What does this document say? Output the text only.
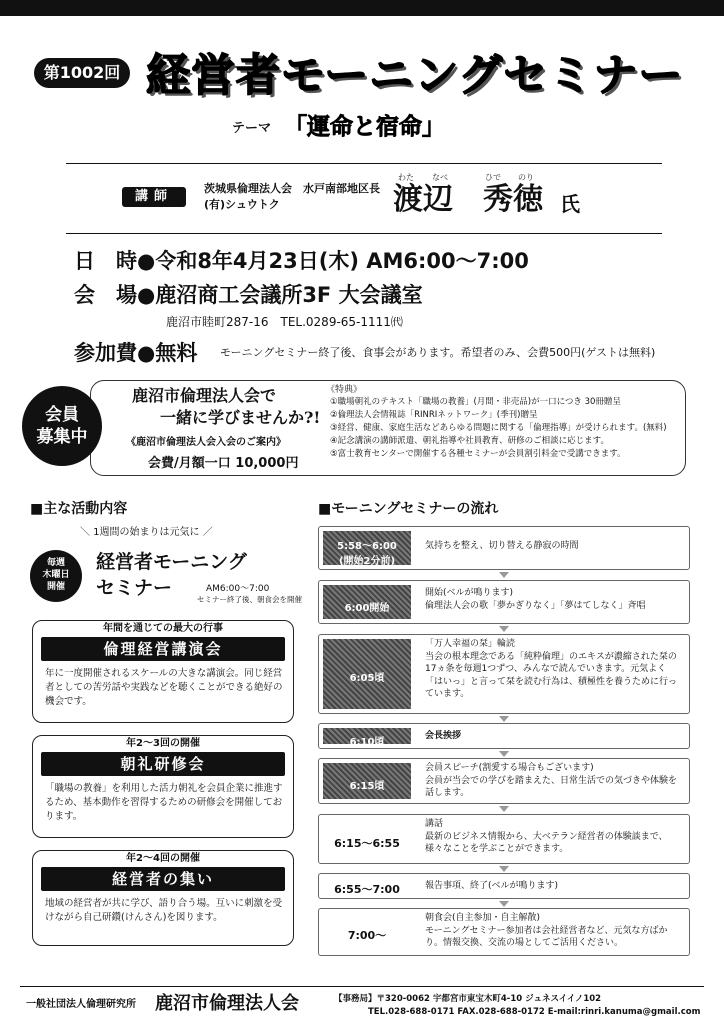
第1002回 経営者モーニングセミナー
テーマ 「運命と宿命」
講師
茨城県倫理法人会　水戸南部地区長
(有)シュウトク
わた なべ	ひで のり
渡辺　秀徳 氏
日　時●令和8年4月23日(木) AM6:00～7:00
会　場●鹿沼商工会議所3F 大会議室
鹿沼市睦町287-16　TEL.0289-65-1111㈹
参加費●無料 モーニングセミナー終了後、食事会があります。希望者のみ、会費500円(ゲストは無料)
会員
募集中
鹿沼市倫理法人会で
一緒に学びませんか?!
《鹿沼市倫理法人会入会のご案内》
会費/月額一口 10,000円
《特典》
①職場朝礼のテキスト「職場の教養」(月間・非売品)が一口につき 30冊贈呈
②倫理法人会情報誌「RINRIネットワーク」(季刊)贈呈
③経営、健康、家庭生活などあらゆる問題に関する「倫理指導」が受けられます。(無料)
④記念講演の講師派遣、朝礼指導や社員教育、研修のご相談に応じます。
⑤富士教育センターで開催する各種セミナーが会員割引料金で受講できます。
■主な活動内容
＼ 1週間の始まりは元気に ／
毎週
木曜日
開催
経営者モーニング
セミナー	AM6:00～7:00
セミナー終了後、朝食会を開催
年間を通じての最大の行事
倫理経営講演会
年に一度開催されるスケールの大きな講演会。同じ経営者としての苦労話や実践などを聴くことができる絶好の機会です。
年2～3回の開催
朝礼研修会
「職場の教養」を利用した活力朝礼を会員企業に推進するため、基本動作を習得するための研修会を開催しております。
年2～4回の開催
経営者の集い
地域の経営者が共に学び、語り合う場。互いに刺激を受けながら自己研鑽(けんさん)を図ります。
■モーニングセミナーの流れ
5:58～6:00
(開始2分前)
気持ちを整え、切り替える静寂の時間
6:00開始
開始(ベルが鳴ります)
倫理法人会の歌「夢かぎりなく」「夢はてしなく」斉唱
6:05頃
「万人幸福の栞」輪読
当会の根本理念である「純粋倫理」のエキスが濃縮された栞の17ヵ条を毎週1つずつ、みんなで読んでいきます。元気よく「はいっ」と言って栞を読む行為は、積極性を養うために行っています。
6:10頃
会長挨拶
6:15頃
会員スピーチ(割愛する場合もございます)
会員が当会での学びを踏まえた、日常生活での気づきや体験を話します。
6:15～6:55
講話
最新のビジネス情報から、大ベテラン経営者の体験談まで、様々なことを学ぶことができます。
6:55～7:00	報告事項、終了(ベルが鳴ります)
7:00～
朝食会(自主参加・自主解散)
モーニングセミナー参加者は会社経営者など、元気な方ばかり。情報交換、交流の場としてご活用ください。
一般社団法人倫理研究所 鹿沼市倫理法人会	【事務局】〒320-0062 宇都宮市東宝木町4-10 ジュネスイイノ102
TEL.028-688-0171 FAX.028-688-0172 E-mail:rinri.kanuma@gmail.com
